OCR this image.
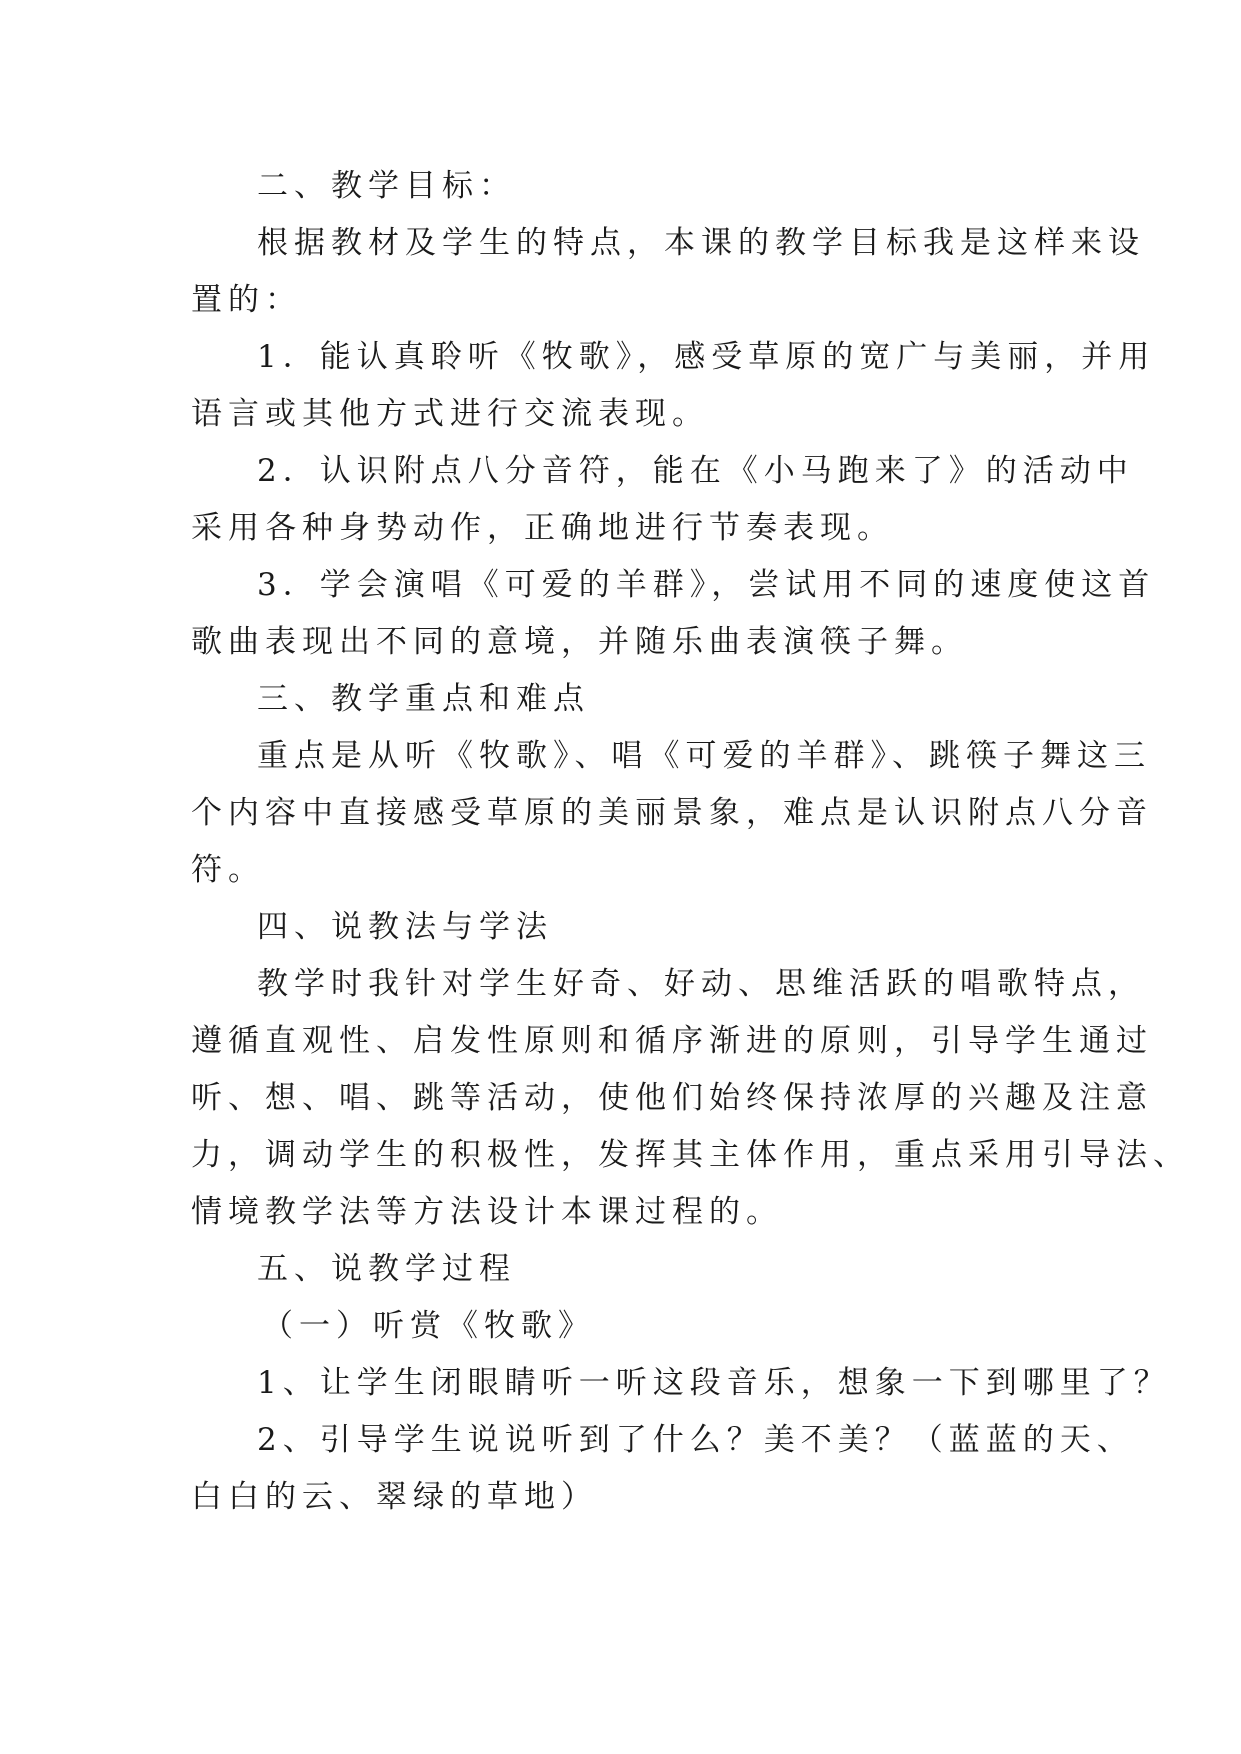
二、教学目标：
根据教材及学生的特点，本课的教学目标我是这样来设
置的：
1．能认真聆听《牧歌》，感受草原的宽广与美丽，并用
语言或其他方式进行交流表现。
2．认识附点八分音符，能在《小马跑来了》的活动中
采用各种身势动作，正确地进行节奏表现。
3．学会演唱《可爱的羊群》，尝试用不同的速度使这首
歌曲表现出不同的意境，并随乐曲表演筷子舞。
三、教学重点和难点
重点是从听《牧歌》、唱《可爱的羊群》、跳筷子舞这三
个内容中直接感受草原的美丽景象，难点是认识附点八分音
符。
四、说教法与学法
教学时我针对学生好奇、好动、思维活跃的唱歌特点，
遵循直观性、启发性原则和循序渐进的原则，引导学生通过
听、想、唱、跳等活动，使他们始终保持浓厚的兴趣及注意
力，调动学生的积极性，发挥其主体作用，重点采用引导法、
情境教学法等方法设计本课过程的。
五、说教学过程
（一）听赏《牧歌》
1、让学生闭眼睛听一听这段音乐，想象一下到哪里了？
2、引导学生说说听到了什么？美不美？（蓝蓝的天、
白白的云、翠绿的草地）
